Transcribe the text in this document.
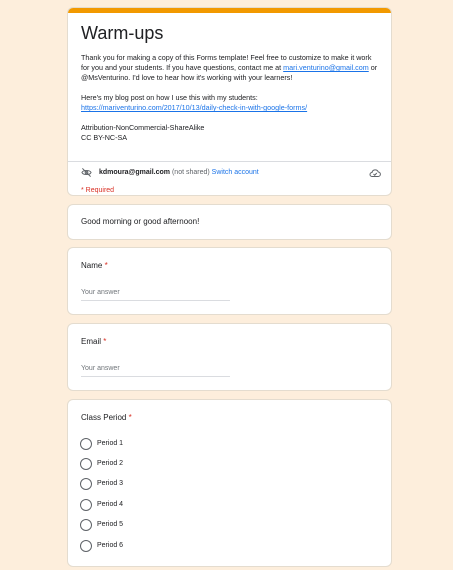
Warm-ups

Thank you for making a copy of this Forms template! Feel free to customize to make it work for you and your students. If you have questions, contact me at mari.venturino@gmail.com or @MsVenturino. I'd love to hear how it's working with your learners!

Here's my blog post on how I use this with my students:
https://mariventurino.com/2017/10/13/daily-check-in-with-google-forms/

Attribution-NonCommercial-ShareAlike
CC BY-NC-SA

kdmoura@gmail.com (not shared) Switch account
* Required
Good morning or good afternoon!
Name *
Your answer
Email *
Your answer
Class Period *
Period 1
Period 2
Period 3
Period 4
Period 5
Period 6
